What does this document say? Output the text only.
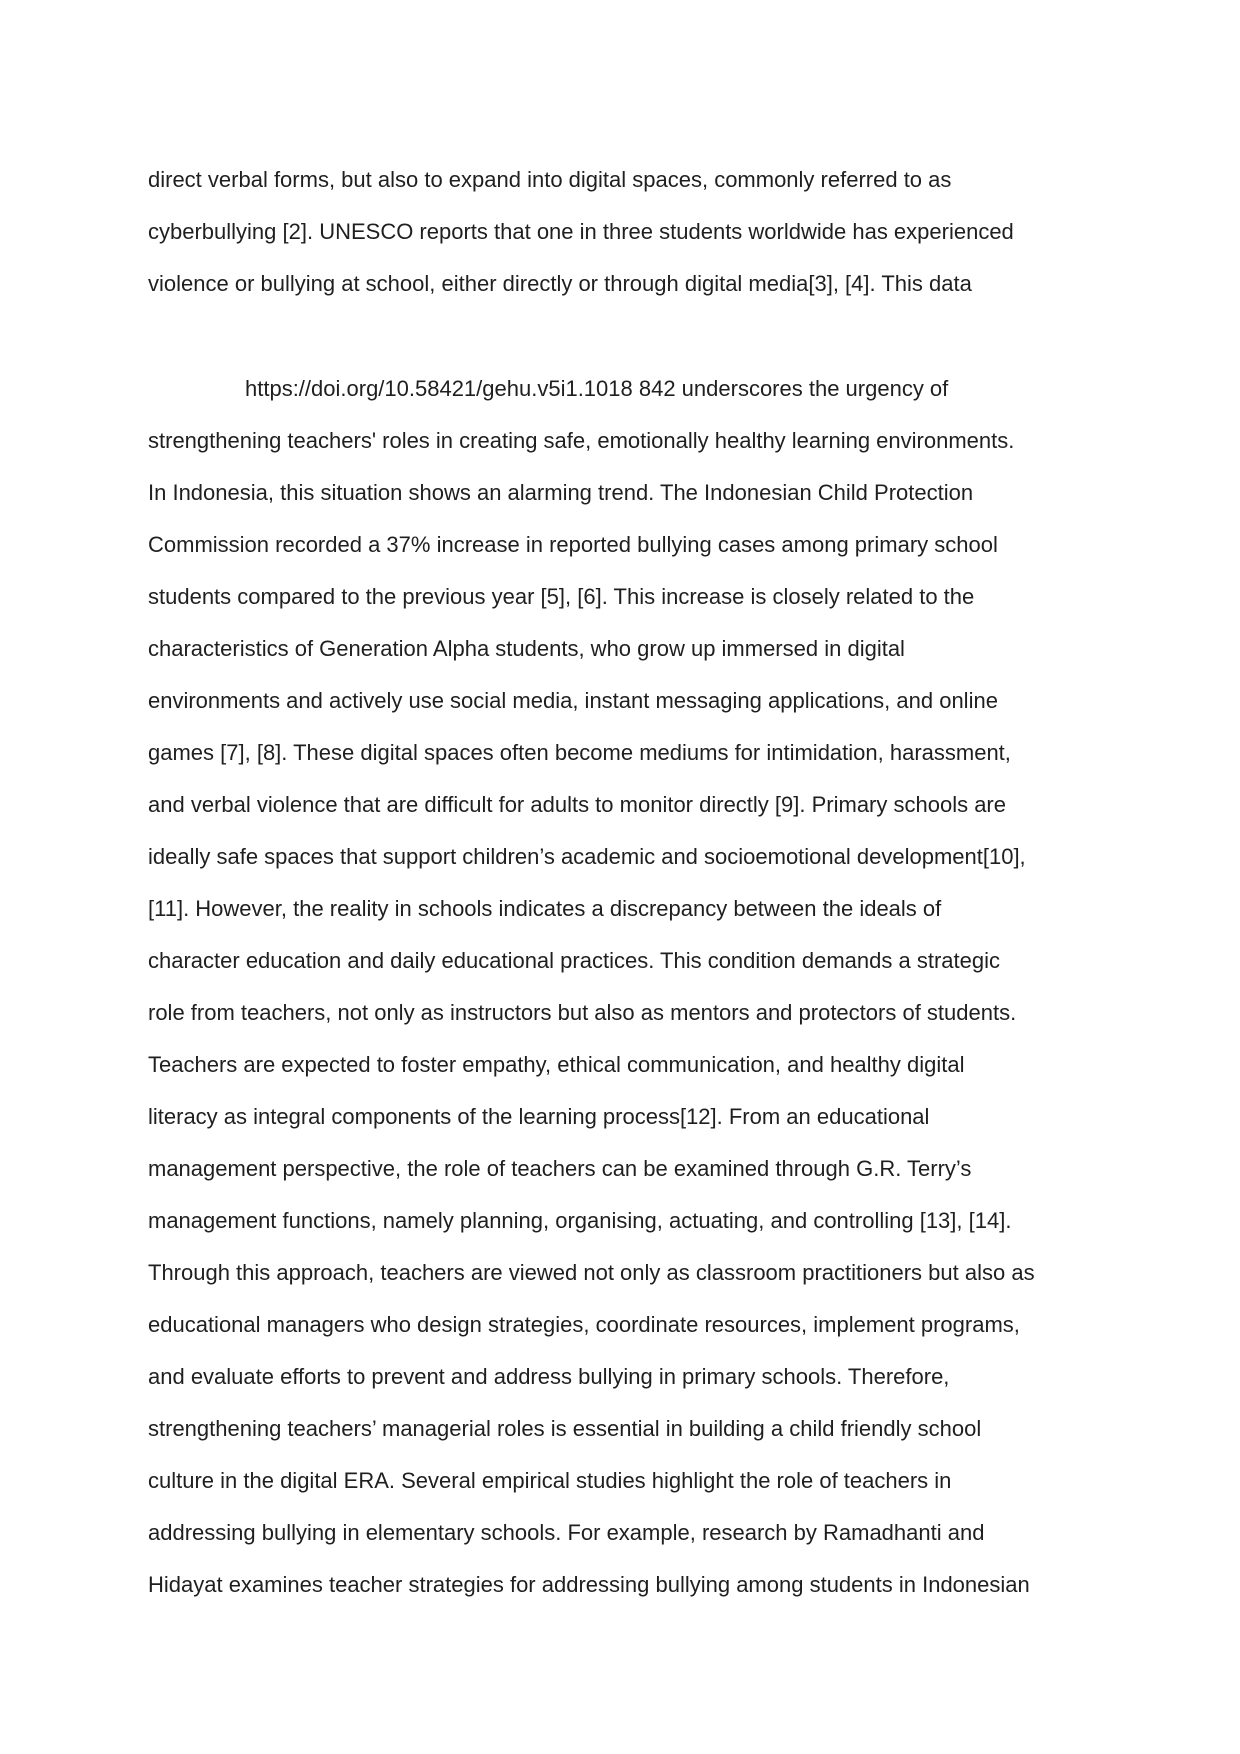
direct verbal forms, but also to expand into digital spaces, commonly referred to as
cyberbullying [2]. UNESCO reports that one in three students worldwide has experienced
violence or bullying at school, either directly or through digital media[3], [4]. This data
https://doi.org/10.58421/gehu.v5i1.1018 842 underscores the urgency of
strengthening teachers' roles in creating safe, emotionally healthy learning environments.
In Indonesia, this situation shows an alarming trend. The Indonesian Child Protection
Commission recorded a 37% increase in reported bullying cases among primary school
students compared to the previous year [5], [6]. This increase is closely related to the
characteristics of Generation Alpha students, who grow up immersed in digital
environments and actively use social media, instant messaging applications, and online
games [7], [8]. These digital spaces often become mediums for intimidation, harassment,
and verbal violence that are difficult for adults to monitor directly [9]. Primary schools are
ideally safe spaces that support children’s academic and socioemotional development[10],
[11]. However, the reality in schools indicates a discrepancy between the ideals of
character education and daily educational practices. This condition demands a strategic
role from teachers, not only as instructors but also as mentors and protectors of students.
Teachers are expected to foster empathy, ethical communication, and healthy digital
literacy as integral components of the learning process[12]. From an educational
management perspective, the role of teachers can be examined through G.R. Terry’s
management functions, namely planning, organising, actuating, and controlling [13], [14].
Through this approach, teachers are viewed not only as classroom practitioners but also as
educational managers who design strategies, coordinate resources, implement programs,
and evaluate efforts to prevent and address bullying in primary schools. Therefore,
strengthening teachers’ managerial roles is essential in building a child friendly school
culture in the digital ERA. Several empirical studies highlight the role of teachers in
addressing bullying in elementary schools. For example, research by Ramadhanti and
Hidayat examines teacher strategies for addressing bullying among students in Indonesian
